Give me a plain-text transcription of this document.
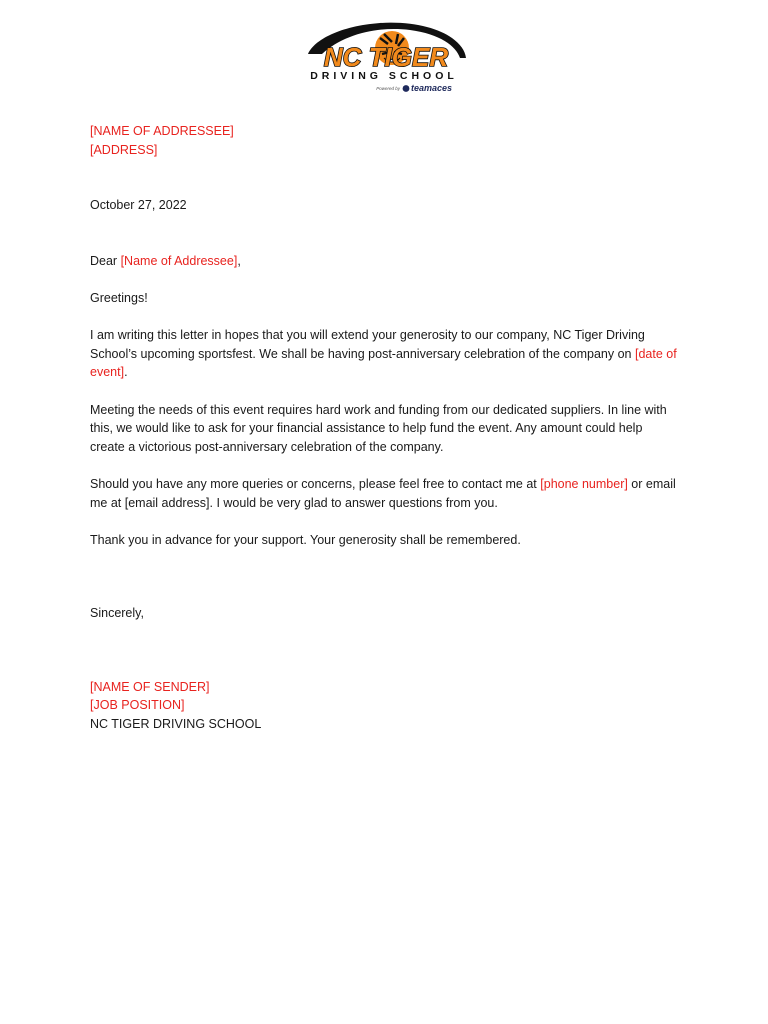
NC TIGER
DRIVING SCHOOL
Powered by teamaces

[NAME OF ADDRESSEE]

[ADDRESS]

October 27, 2022

Dear [Name of Addressee],

Greetings!

I am writing this letter in hopes that you will extend your generosity to our company, NC Tiger Driving School’s upcoming sportsfest. We shall be having post-anniversary celebration of the company on [date of event].

Meeting the needs of this event requires hard work and funding from our dedicated suppliers. In line with this, we would like to ask for your financial assistance to help fund the event. Any amount could help create a victorious post-anniversary celebration of the company.

Should you have any more queries or concerns, please feel free to contact me at [phone number] or email me at [email address]. I would be very glad to answer questions from you.

Thank you in advance for your support. Your generosity shall be remembered.

Sincerely,

[NAME OF SENDER]

[JOB POSITION]

NC TIGER DRIVING SCHOOL
